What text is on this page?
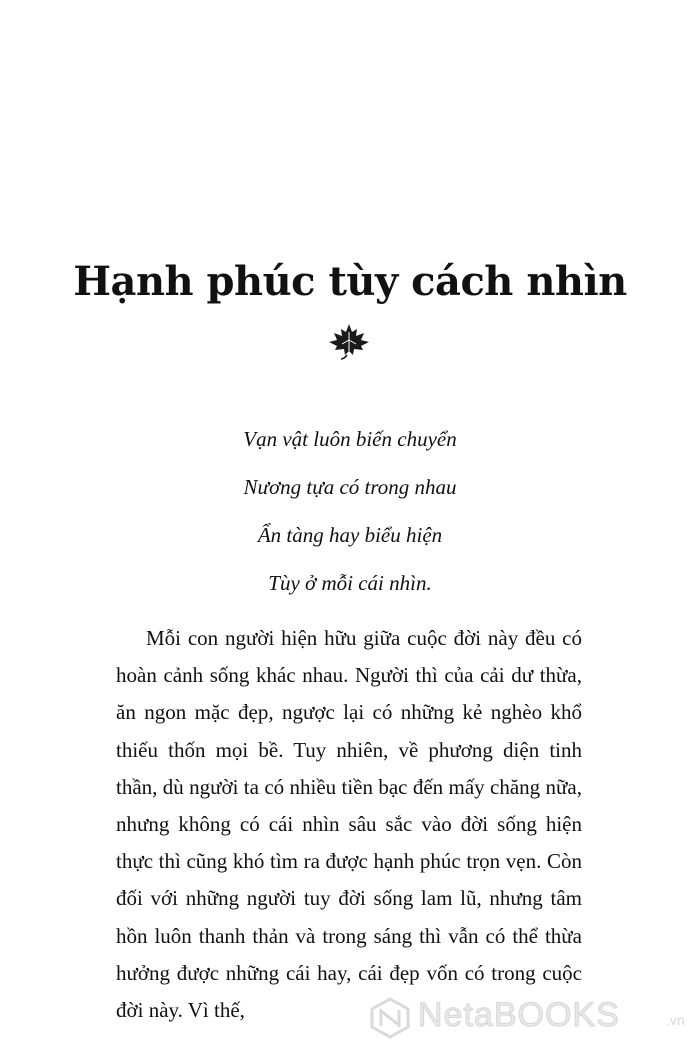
Hạnh phúc tùy cách nhìn
Vạn vật luôn biến chuyển
Nương tựa có trong nhau
Ẩn tàng hay biểu hiện
Tùy ở mỗi cái nhìn.

Mỗi con người hiện hữu giữa cuộc đời này đều có hoàn cảnh sống khác nhau. Người thì của cải dư thừa, ăn ngon mặc đẹp, ngược lại có những kẻ nghèo khổ thiếu thốn mọi bề. Tuy nhiên, về phương diện tinh thần, dù người ta có nhiều tiền bạc đến mấy chăng nữa, nhưng không có cái nhìn sâu sắc vào đời sống hiện thực thì cũng khó tìm ra được hạnh phúc trọn vẹn. Còn đối với những người tuy đời sống lam lũ, nhưng tâm hồn luôn thanh thản và trong sáng thì vẫn có thể thừa hưởng được những cái hay, cái đẹp vốn có trong cuộc đời này. Vì thế,	NetaBOOKS	.vn
